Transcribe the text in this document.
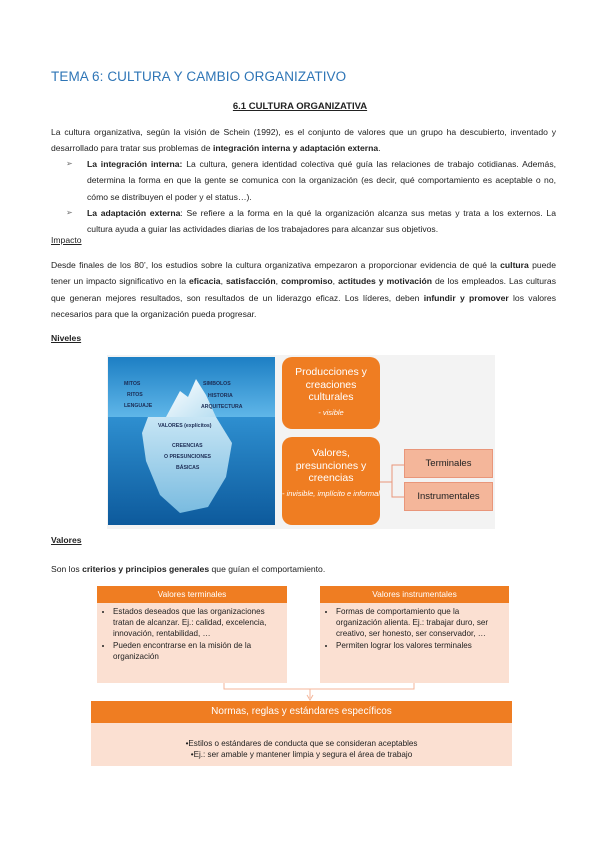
TEMA 6: CULTURA Y CAMBIO ORGANIZATIVO
6.1 CULTURA ORGANIZATIVA
La cultura organizativa, según la visión de Schein (1992), es el conjunto de valores que un grupo ha descubierto, inventado y desarrollado para tratar sus problemas de integración interna y adaptación externa.
➢	La integración interna: La cultura, genera identidad colectiva qué guía las relaciones de trabajo cotidianas. Además, determina la forma en que la gente se comunica con la organización (es decir, qué comportamiento es aceptable o no, cómo se distribuyen el poder y el status…).
➢	La adaptación externa: Se refiere a la forma en la qué la organización alcanza sus metas y trata a los externos. La cultura ayuda a guiar las actividades diarias de los trabajadores para alcanzar sus objetivos.
Impacto
Desde finales de los 80’, los estudios sobre la cultura organizativa empezaron a proporcionar evidencia de qué la cultura puede tener un impacto significativo en la eficacia, satisfacción, compromiso, actitudes y motivación de los empleados. Las culturas que generan mejores resultados, son resultados de un liderazgo eficaz. Los líderes, deben infundir y promover los valores necesarios para que la organización pueda progresar.
Niveles
MITOS
RITOS
LENGUAJE
SIMBOLOS
HISTORIA
ARQUITECTURA
VALORES (explícitos)
CREENCIAS
O PRESUNCIONES
BÁSICAS
Producciones y creaciones culturales
- visible
Valores, presunciones y creencias
- invisible, implícito e informal
Terminales
Instrumentales
Valores
Son los criterios y principios generales que guían el comportamiento.
Valores terminales
• Estados deseados que las organizaciones tratan de alcanzar. Ej.: calidad, excelencia, innovación, rentabilidad, …
• Pueden encontrarse en la misión de la organización
Valores instrumentales
• Formas de comportamiento que la organización alienta. Ej.: trabajar duro, ser creativo, ser honesto, ser conservador, …
• Permiten lograr los valores terminales
Normas, reglas y estándares específicos
•Estilos o estándares de conducta que se consideran aceptables
•Ej.: ser amable y mantener limpia y segura el área de trabajo
